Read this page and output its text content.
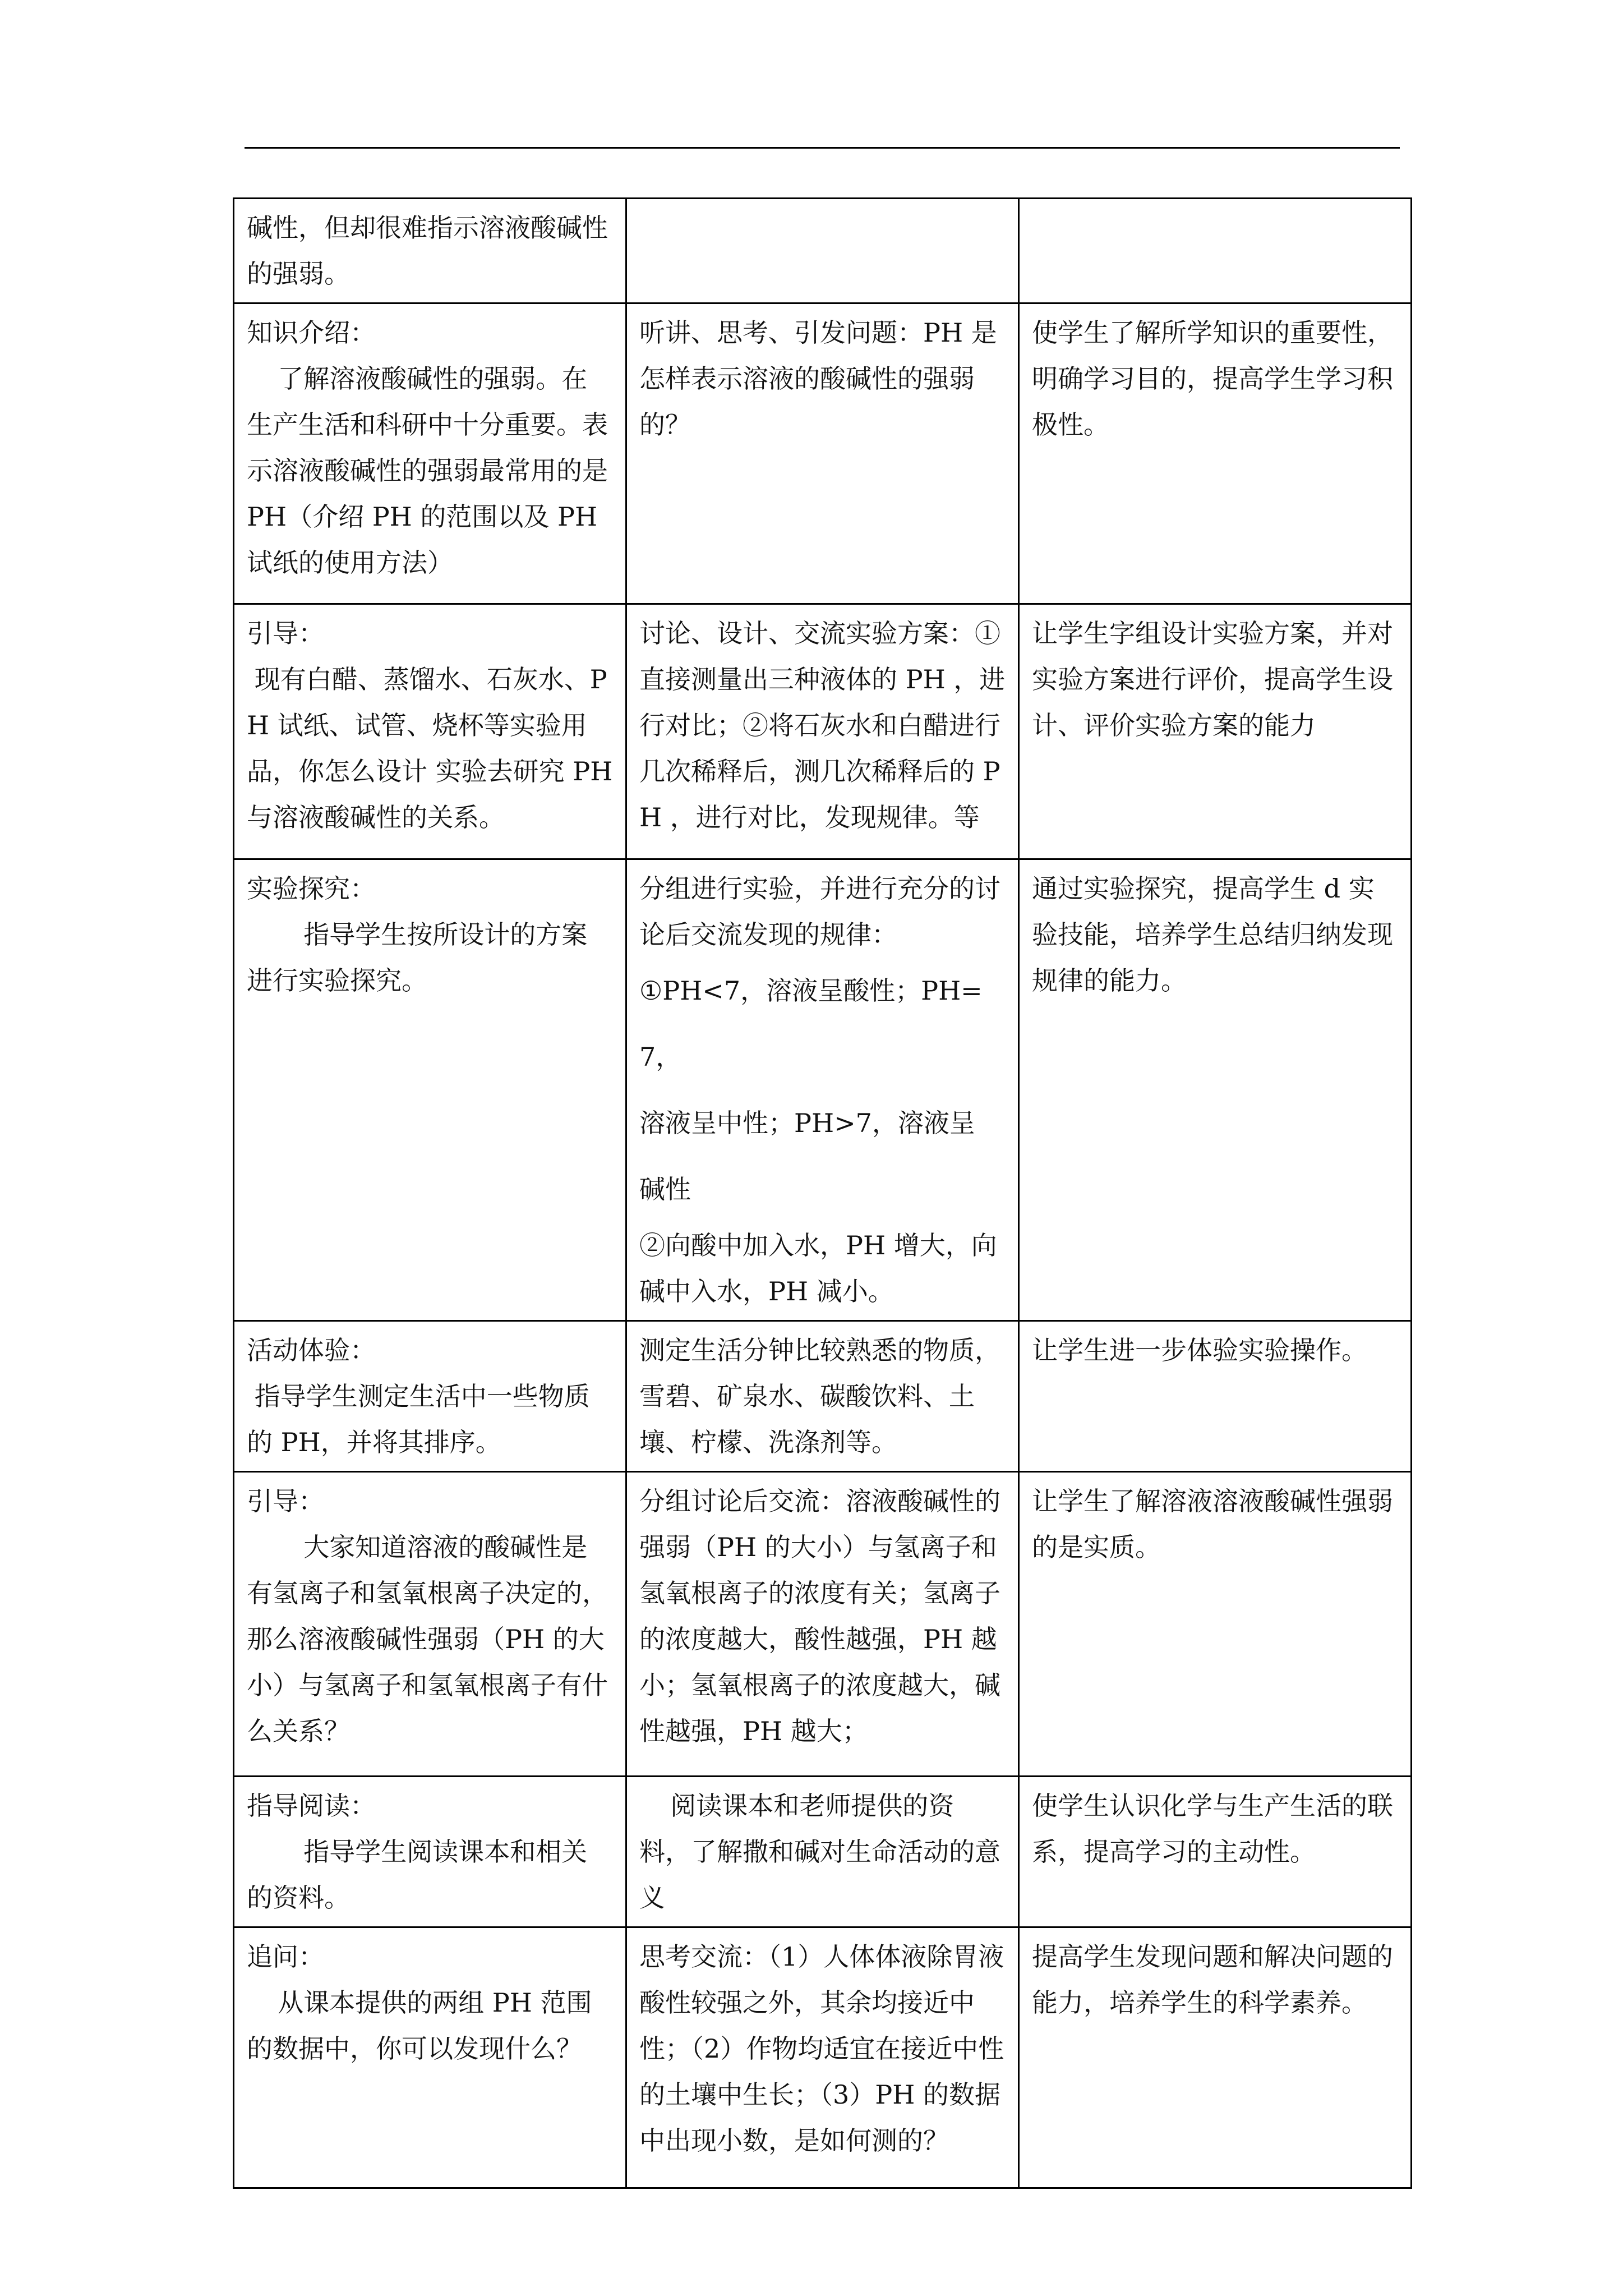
碱性，但却很难指示溶液酸碱性的强弱。		

知识介绍：
了解溶液酸碱性的强弱。在生产生活和科研中十分重要。表示溶液酸碱性的强弱最常用的是 PH（介绍 PH 的范围以及 PH 试纸的使用方法）	听讲、思考、引发问题：PH 是怎样表示溶液的酸碱性的强弱的？	使学生了解所学知识的重要性，明确学习目的，提高学生学习积极性。

引导：
现有白醋、蒸馏水、石灰水、PH 试纸、试管、烧杯等实验用品，你怎么设计 实验去研究 PH 与溶液酸碱性的关系。	讨论、设计、交流实验方案：①直接测量出三种液体的 PH ，进行对比；②将石灰水和白醋进行几次稀释后，测几次稀释后的 PH ，进行对比，发现规律。等	让学生字组设计实验方案，并对实验方案进行评价，提高学生设计、评价实验方案的能力

实验探究：
指导学生按所设计的方案进行实验探究。	分组进行实验，并进行充分的讨论后交流发现的规律：
①PH<7，溶液呈酸性；PH=7，
溶液呈中性；PH>7，溶液呈
碱性
②向酸中加入水，PH 增大，向碱中入水，PH 减小。	通过实验探究，提高学生 d 实验技能，培养学生总结归纳发现规律的能力。

活动体验：
指导学生测定生活中一些物质的 PH，并将其排序。	测定生活分钟比较熟悉的物质，雪碧、矿泉水、碳酸饮料、土壤、柠檬、洗涤剂等。	让学生进一步体验实验操作。

引导：
大家知道溶液的酸碱性是有氢离子和氢氧根离子决定的，那么溶液酸碱性强弱（PH 的大小）与氢离子和氢氧根离子有什么关系？	分组讨论后交流：溶液酸碱性的强弱（PH 的大小）与氢离子和氢氧根离子的浓度有关；氢离子的浓度越大，酸性越强，PH 越小；氢氧根离子的浓度越大，碱性越强，PH 越大；	让学生了解溶液溶液酸碱性强弱的是实质。

指导阅读：
指导学生阅读课本和相关的资料。	阅读课本和老师提供的资料，了解撒和碱对生命活动的意义	使学生认识化学与生产生活的联系，提高学习的主动性。

追问：
从课本提供的两组 PH 范围的数据中，你可以发现什么？	思考交流：（1）人体体液除胃液酸性较强之外，其余均接近中性；（2）作物均适宜在接近中性的土壤中生长；（3）PH 的数据中出现小数，是如何测的？	提高学生发现问题和解决问题的能力，培养学生的科学素养。
